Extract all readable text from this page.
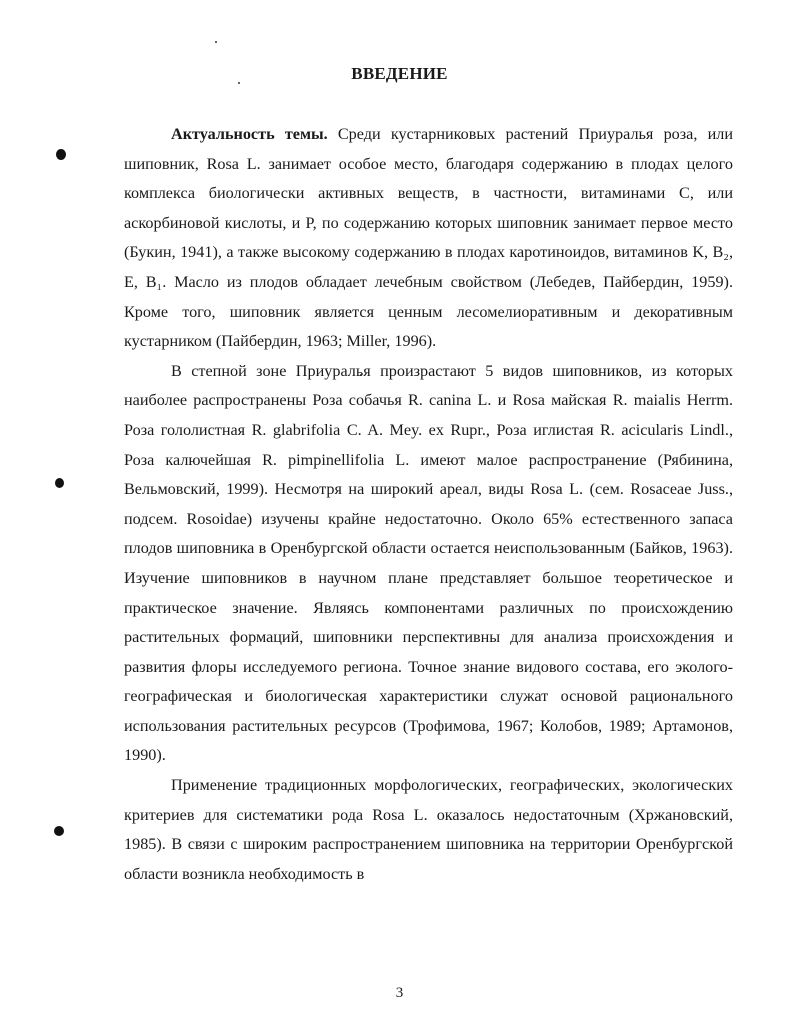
ВВЕДЕНИЕ

Актуальность темы. Среди кустарниковых растений Приуралья роза, или шиповник, Rosa L. занимает особое место, благодаря содержанию в плодах целого комплекса биологически активных веществ, в частности, витаминами C, или аскорбиновой кислоты, и P, по содержанию которых шиповник занимает первое место (Букин, 1941), а также высокому содержанию в плодах каротиноидов, витаминов K, B₂, E, B₁. Масло из плодов обладает лечебным свойством (Лебедев, Пайбердин, 1959). Кроме того, шиповник является ценным лесомелиоративным и декоративным кустарником (Пайбердин, 1963; Miller, 1996).

В степной зоне Приуралья произрастают 5 видов шиповников, из которых наиболее распространены Роза собачья R. canina L. и Rosa майская R. maialis Herrm. Роза гололистная R. glabrifolia C. A. Mey. ex Rupr., Роза иглистая R. acicularis Lindl., Роза калючейшая R. pimpinellifolia L. имеют малое распространение (Рябинина, Вельмовский, 1999). Несмотря на широкий ареал, виды Rosa L. (сем. Rosaceae Juss., подсем. Rosoidae) изучены крайне недостаточно. Около 65% естественного запаса плодов шиповника в Оренбургской области остается неиспользованным (Байков, 1963). Изучение шиповников в научном плане представляет большое теоретическое и практическое значение. Являясь компонентами различных по происхождению растительных формаций, шиповники перспективны для анализа происхождения и развития флоры исследуемого региона. Точное знание видового состава, его эколого-географическая и биологическая характеристики служат основой рационального использования растительных ресурсов (Трофимова, 1967; Колобов, 1989; Артамонов, 1990).

Применение традиционных морфологических, географических, экологических критериев для систематики рода Rosa L. оказалось недостаточным (Хржановский, 1985). В связи с широким распространением шиповника на территории Оренбургской области возникла необходимость в

3
